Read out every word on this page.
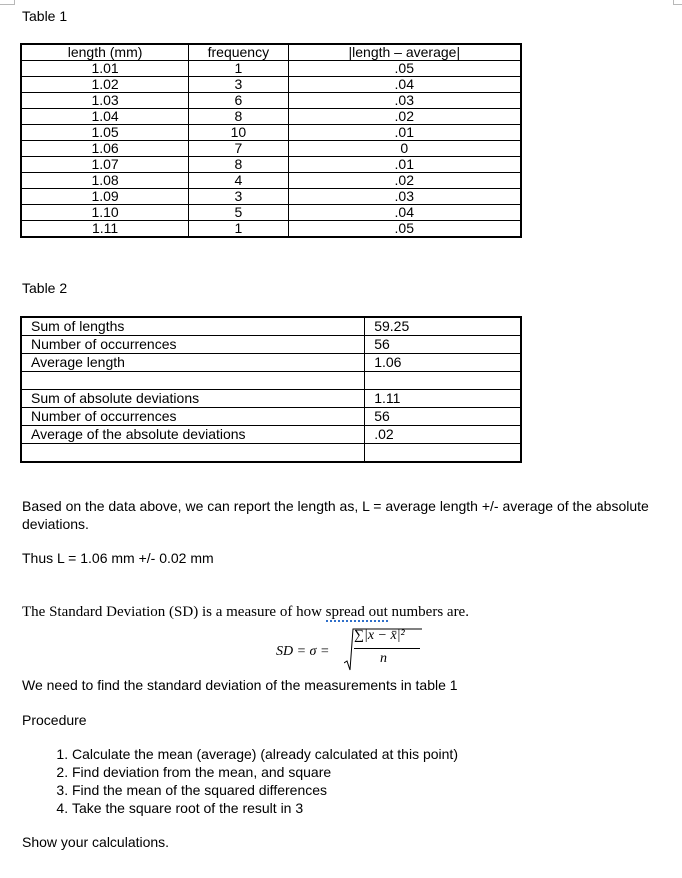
Table 1
length (mm)	frequency	|length – average|
1.01	1	.05
1.02	3	.04
1.03	6	.03
1.04	8	.02
1.05	10	.01
1.06	7	0
1.07	8	.01
1.08	4	.02
1.09	3	.03
1.10	5	.04
1.11	1	.05
Table 2
Sum of lengths	59.25
Number of occurrences	56
Average length	1.06

Sum of absolute deviations	1.11
Number of occurrences	56
Average of the absolute deviations	.02

Based on the data above, we can report the length as, L = average length +/- average of the absolute deviations.
Thus L = 1.06 mm +/- 0.02 mm
The Standard Deviation (SD) is a measure of how spread out numbers are.
SD = σ =
∑|x − x̄|²
n
We need to find the standard deviation of the measurements in table 1
Procedure
1. Calculate the mean (average) (already calculated at this point)
2. Find deviation from the mean, and square
3. Find the mean of the squared differences
4. Take the square root of the result in 3
Show your calculations.
